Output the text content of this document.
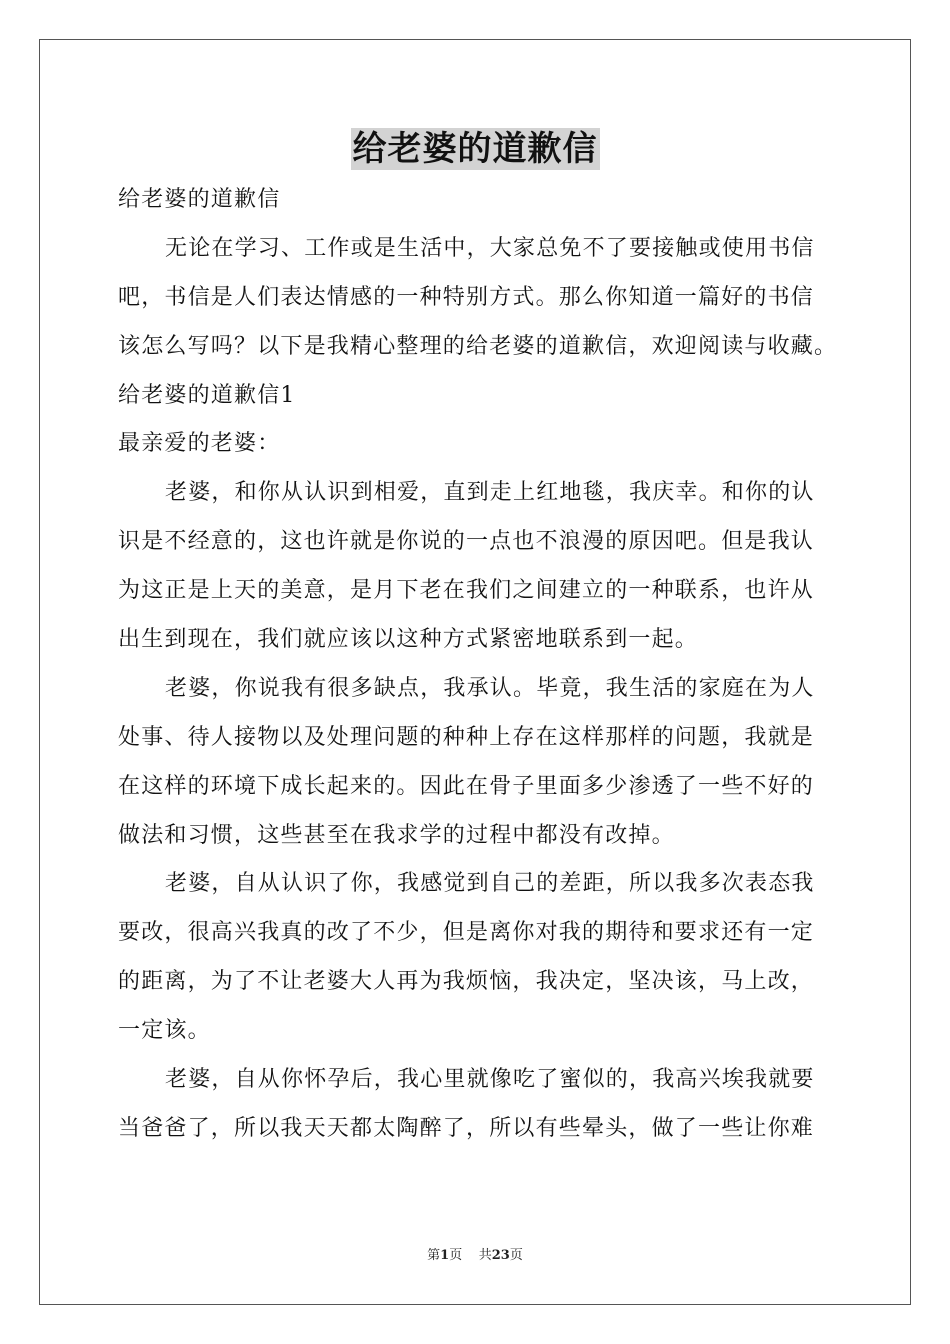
给老婆的道歉信
给老婆的道歉信
无论在学习、工作或是生活中，大家总免不了要接触或使用书信
吧，书信是人们表达情感的一种特别方式。那么你知道一篇好的书信
该怎么写吗？以下是我精心整理的给老婆的道歉信，欢迎阅读与收藏。
给老婆的道歉信1
最亲爱的老婆：
老婆，和你从认识到相爱，直到走上红地毯，我庆幸。和你的认
识是不经意的，这也许就是你说的一点也不浪漫的原因吧。但是我认
为这正是上天的美意，是月下老在我们之间建立的一种联系，也许从
出生到现在，我们就应该以这种方式紧密地联系到一起。
老婆，你说我有很多缺点，我承认。毕竟，我生活的家庭在为人
处事、待人接物以及处理问题的种种上存在这样那样的问题，我就是
在这样的环境下成长起来的。因此在骨子里面多少渗透了一些不好的
做法和习惯，这些甚至在我求学的过程中都没有改掉。
老婆，自从认识了你，我感觉到自己的差距，所以我多次表态我
要改，很高兴我真的改了不少，但是离你对我的期待和要求还有一定
的距离，为了不让老婆大人再为我烦恼，我决定，坚决该，马上改，
一定该。
老婆，自从你怀孕后，我心里就像吃了蜜似的，我高兴埃我就要
当爸爸了，所以我天天都太陶醉了，所以有些晕头，做了一些让你难
第1页 共23页
